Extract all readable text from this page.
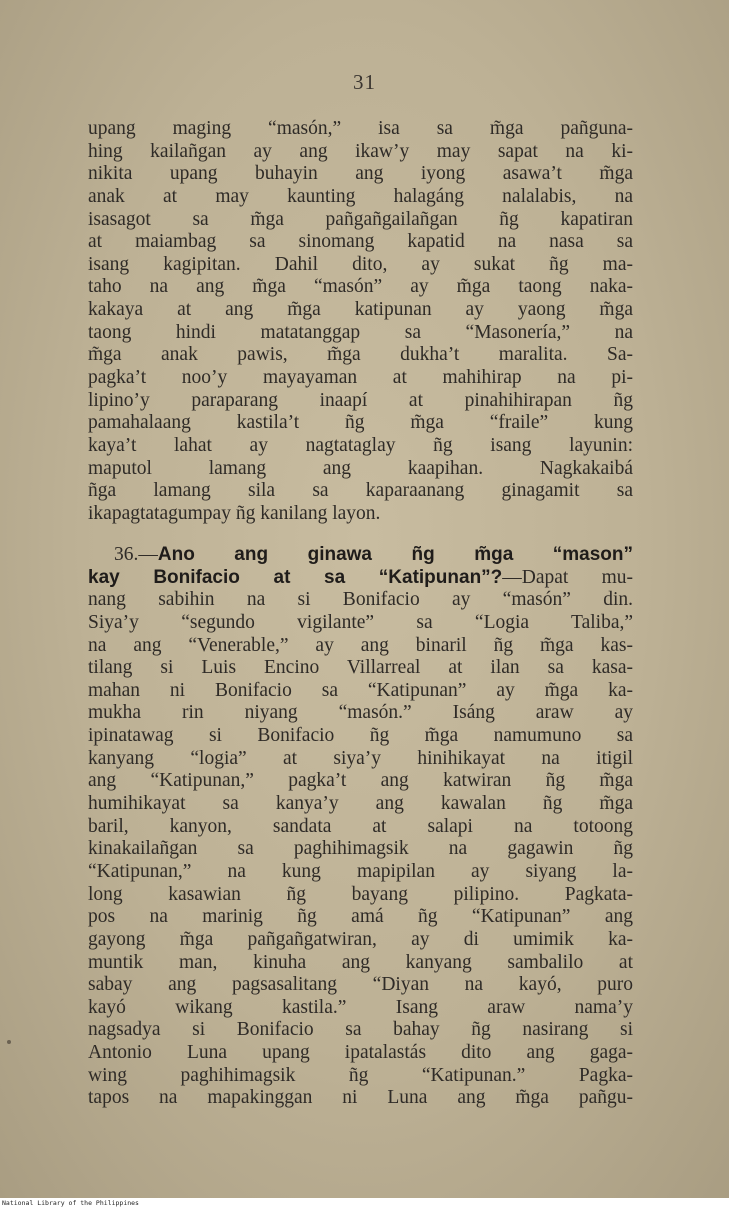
31
upang maging “masón,” isa sa m̃ga pañguna-
hing kailañgan ay ang ikaw’y may sapat na ki-
nikita upang buhayin ang iyong asawa’t m̃ga
anak at may kaunting halagáng nalalabis, na
isasagot sa m̃ga pañgañgailañgan ñg kapatiran
at maiambag sa sinomang kapatid na nasa sa
isang kagipitan. Dahil dito, ay sukat ñg ma-
taho na ang m̃ga “masón” ay m̃ga taong naka-
kakaya at ang m̃ga katipunan ay yaong m̃ga
taong hindi matatanggap sa “Masonería,” na
m̃ga anak pawis, m̃ga dukha’t maralita. Sa-
pagka’t noo’y mayayaman at mahihirap na pi-
lipino’y paraparang inaapí at pinahihirapan ñg
pamahalaang kastila’t ñg m̃ga “fraile” kung
kaya’t lahat ay nagtataglay ñg isang layunin:
maputol lamang ang kaapihan. Nagkakaibá
ñga lamang sila sa kaparaanang ginagamit sa
ikapagtatagumpay ñg kanilang layon.
36.—Ano ang ginawa ñg m̃ga “mason”
kay Bonifacio at sa “Katipunan”?—Dapat mu-
nang sabihin na si Bonifacio ay “masón” din.
Siya’y “segundo vigilante” sa “Logia Taliba,”
na ang “Venerable,” ay ang binaril ñg m̃ga kas-
tilang si Luis Encino Villarreal at ilan sa kasa-
mahan ni Bonifacio sa “Katipunan” ay m̃ga ka-
mukha rin niyang “masón.” Isáng araw ay
ipinatawag si Bonifacio ñg m̃ga namumuno sa
kanyang “logia” at siya’y hinihikayat na itigil
ang “Katipunan,” pagka’t ang katwiran ñg m̃ga
humihikayat sa kanya’y ang kawalan ñg m̃ga
baril, kanyon, sandata at salapi na totoong
kinakailañgan sa paghihimagsik na gagawin ñg
“Katipunan,” na kung mapipilan ay siyang la-
long kasawian ñg bayang pilipino. Pagkata-
pos na marinig ñg amá ñg “Katipunan” ang
gayong m̃ga pañgañgatwiran, ay di umimik ka-
muntik man, kinuha ang kanyang sambalilo at
sabay ang pagsasalitang “Diyan na kayó, puro
kayó wikang kastila.” Isang araw nama’y
nagsadya si Bonifacio sa bahay ñg nasirang si
Antonio Luna upang ipatalastás dito ang gaga-
wing paghihimagsik ñg “Katipunan.” Pagka-
tapos na mapakinggan ni Luna ang m̃ga pañgu-
National Library of the Philippines
